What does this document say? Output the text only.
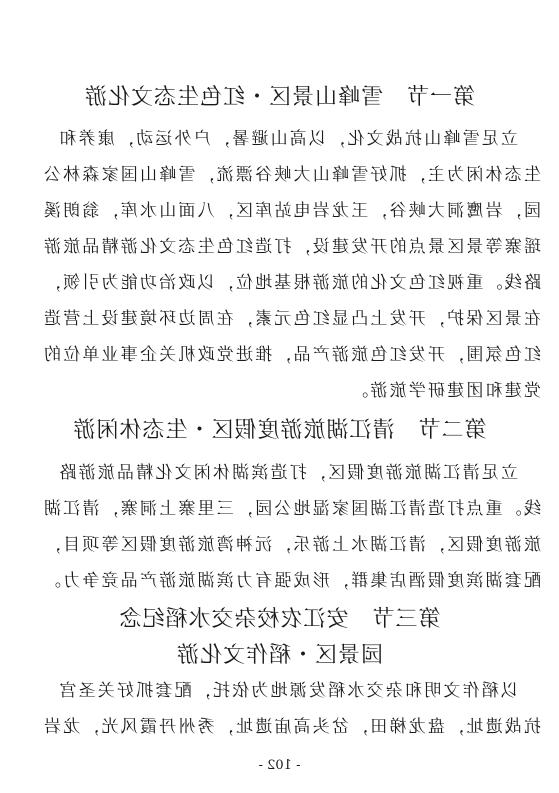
第一节　雪峰山景区・红色生态文化游
立足雪峰山抗战文化，以高山避暑，户外运动，康养和
生态休闲为主，抓好雪峰山大峡谷漂流，雪峰山国家森林公
园，岩鹰洞大峡谷，王龙岩电站库区，八面山水库，翁朗溪
瑶寨等景区景点的开发建设，打造红色生态文化游精品旅游
路线。重视红色文化的旅游根基地位，以政治功能为引领，
在景区保护，开发上凸显红色元素，在周边环境建设上营造
红色氛围，开发红色旅游产品，推进党政机关企事业单位的
党建和团建研学旅游。
第二节　清江湖旅游度假区・生态休闲游
立足清江湖旅游度假区，打造滨湖休闲文化精品旅游路
线。重点打造清江湖国家湿地公园，三里寨上洞寨，清江湖
旅游度假区，清江湖水上游乐，沅神湾旅游度假区等项目，
配套湖滨度假酒店集群，形成强有力滨湖旅游产品竞争力。
第三节　安江农校杂交水稻纪念
园景区・稻作文化游
以稻作文明和杂交水稻发源地为依托，配套抓好关圣宫
- 102 -
抗战遗址，盘龙梯田，岔头高庙遗址，秀州丹霞风光，龙岩
